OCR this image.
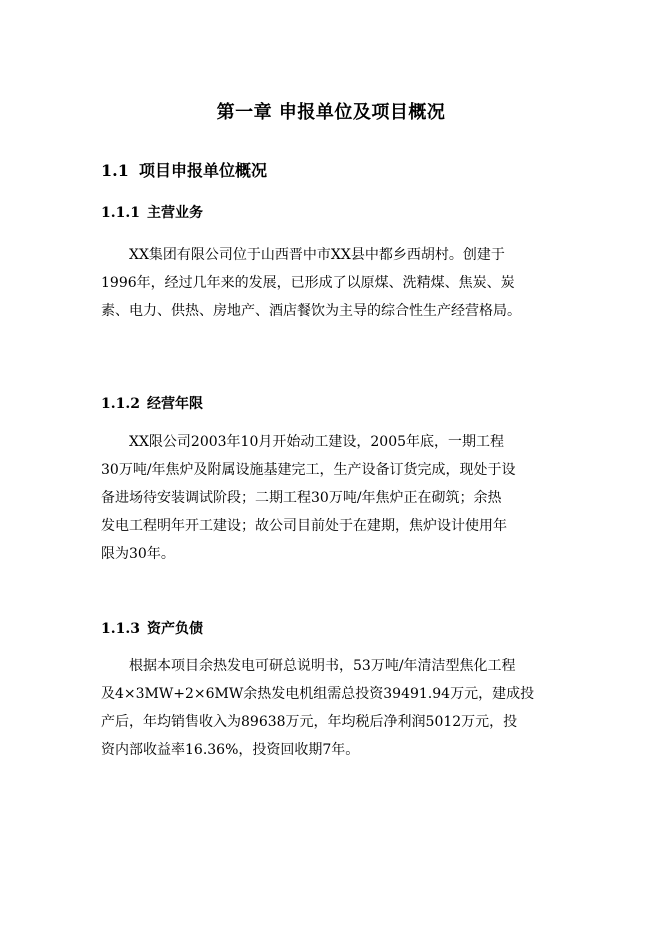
第一章 申报单位及项目概况
1.1 项目申报单位概况
1.1.1 主营业务
　　XX集团有限公司位于山西晋中市XX县中都乡西胡村。创建于
1996年，经过几年来的发展，已形成了以原煤、洗精煤、焦炭、炭
素、电力、供热、房地产、酒店餐饮为主导的综合性生产经营格局。
1.1.2 经营年限
　　XX限公司2003年10月开始动工建设，2005年底，一期工程
30万吨/年焦炉及附属设施基建完工，生产设备订货完成，现处于设
备进场待安装调试阶段；二期工程30万吨/年焦炉正在砌筑；余热
发电工程明年开工建设；故公司目前处于在建期，焦炉设计使用年
限为30年。
1.1.3 资产负债
　　根据本项目余热发电可研总说明书，53万吨/年清洁型焦化工程
及4×3MW+2×6MW余热发电机组需总投资39491.94万元，建成投
产后，年均销售收入为89638万元，年均税后净利润5012万元，投
资内部收益率16.36%，投资回收期7年。
